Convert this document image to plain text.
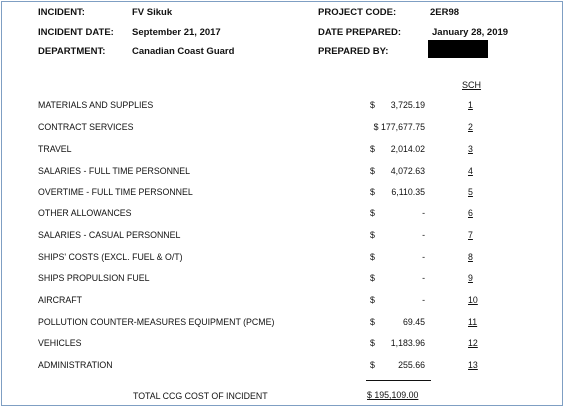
INCIDENT:	FV Sikuk
INCIDENT DATE: September 21, 2017
DEPARTMENT:	Canadian Coast Guard
PROJECT CODE:	2ER98
DATE PREPARED:	January 28, 2019
PREPARED BY:
SCH
MATERIALS AND SUPPLIES	$ 3,725.19	1
CONTRACT SERVICES	$ 177,677.75	2
TRAVEL	$ 2,014.02	3
SALARIES - FULL TIME PERSONNEL	$ 4,072.63	4
OVERTIME - FULL TIME PERSONNEL	$ 6,110.35	5
OTHER ALLOWANCES	$	-	6
SALARIES - CASUAL PERSONNEL	$	-	7
SHIPS' COSTS (EXCL. FUEL & O/T)	$	-	8
SHIPS PROPULSION FUEL	$	-	9
AIRCRAFT	$	-	10
POLLUTION COUNTER-MEASURES EQUIPMENT (PCME)	$	69.45	11
VEHICLES	$ 1,183.96	12
ADMINISTRATION	$	255.66	13
TOTAL CCG COST OF INCIDENT	$ 195,109.00
